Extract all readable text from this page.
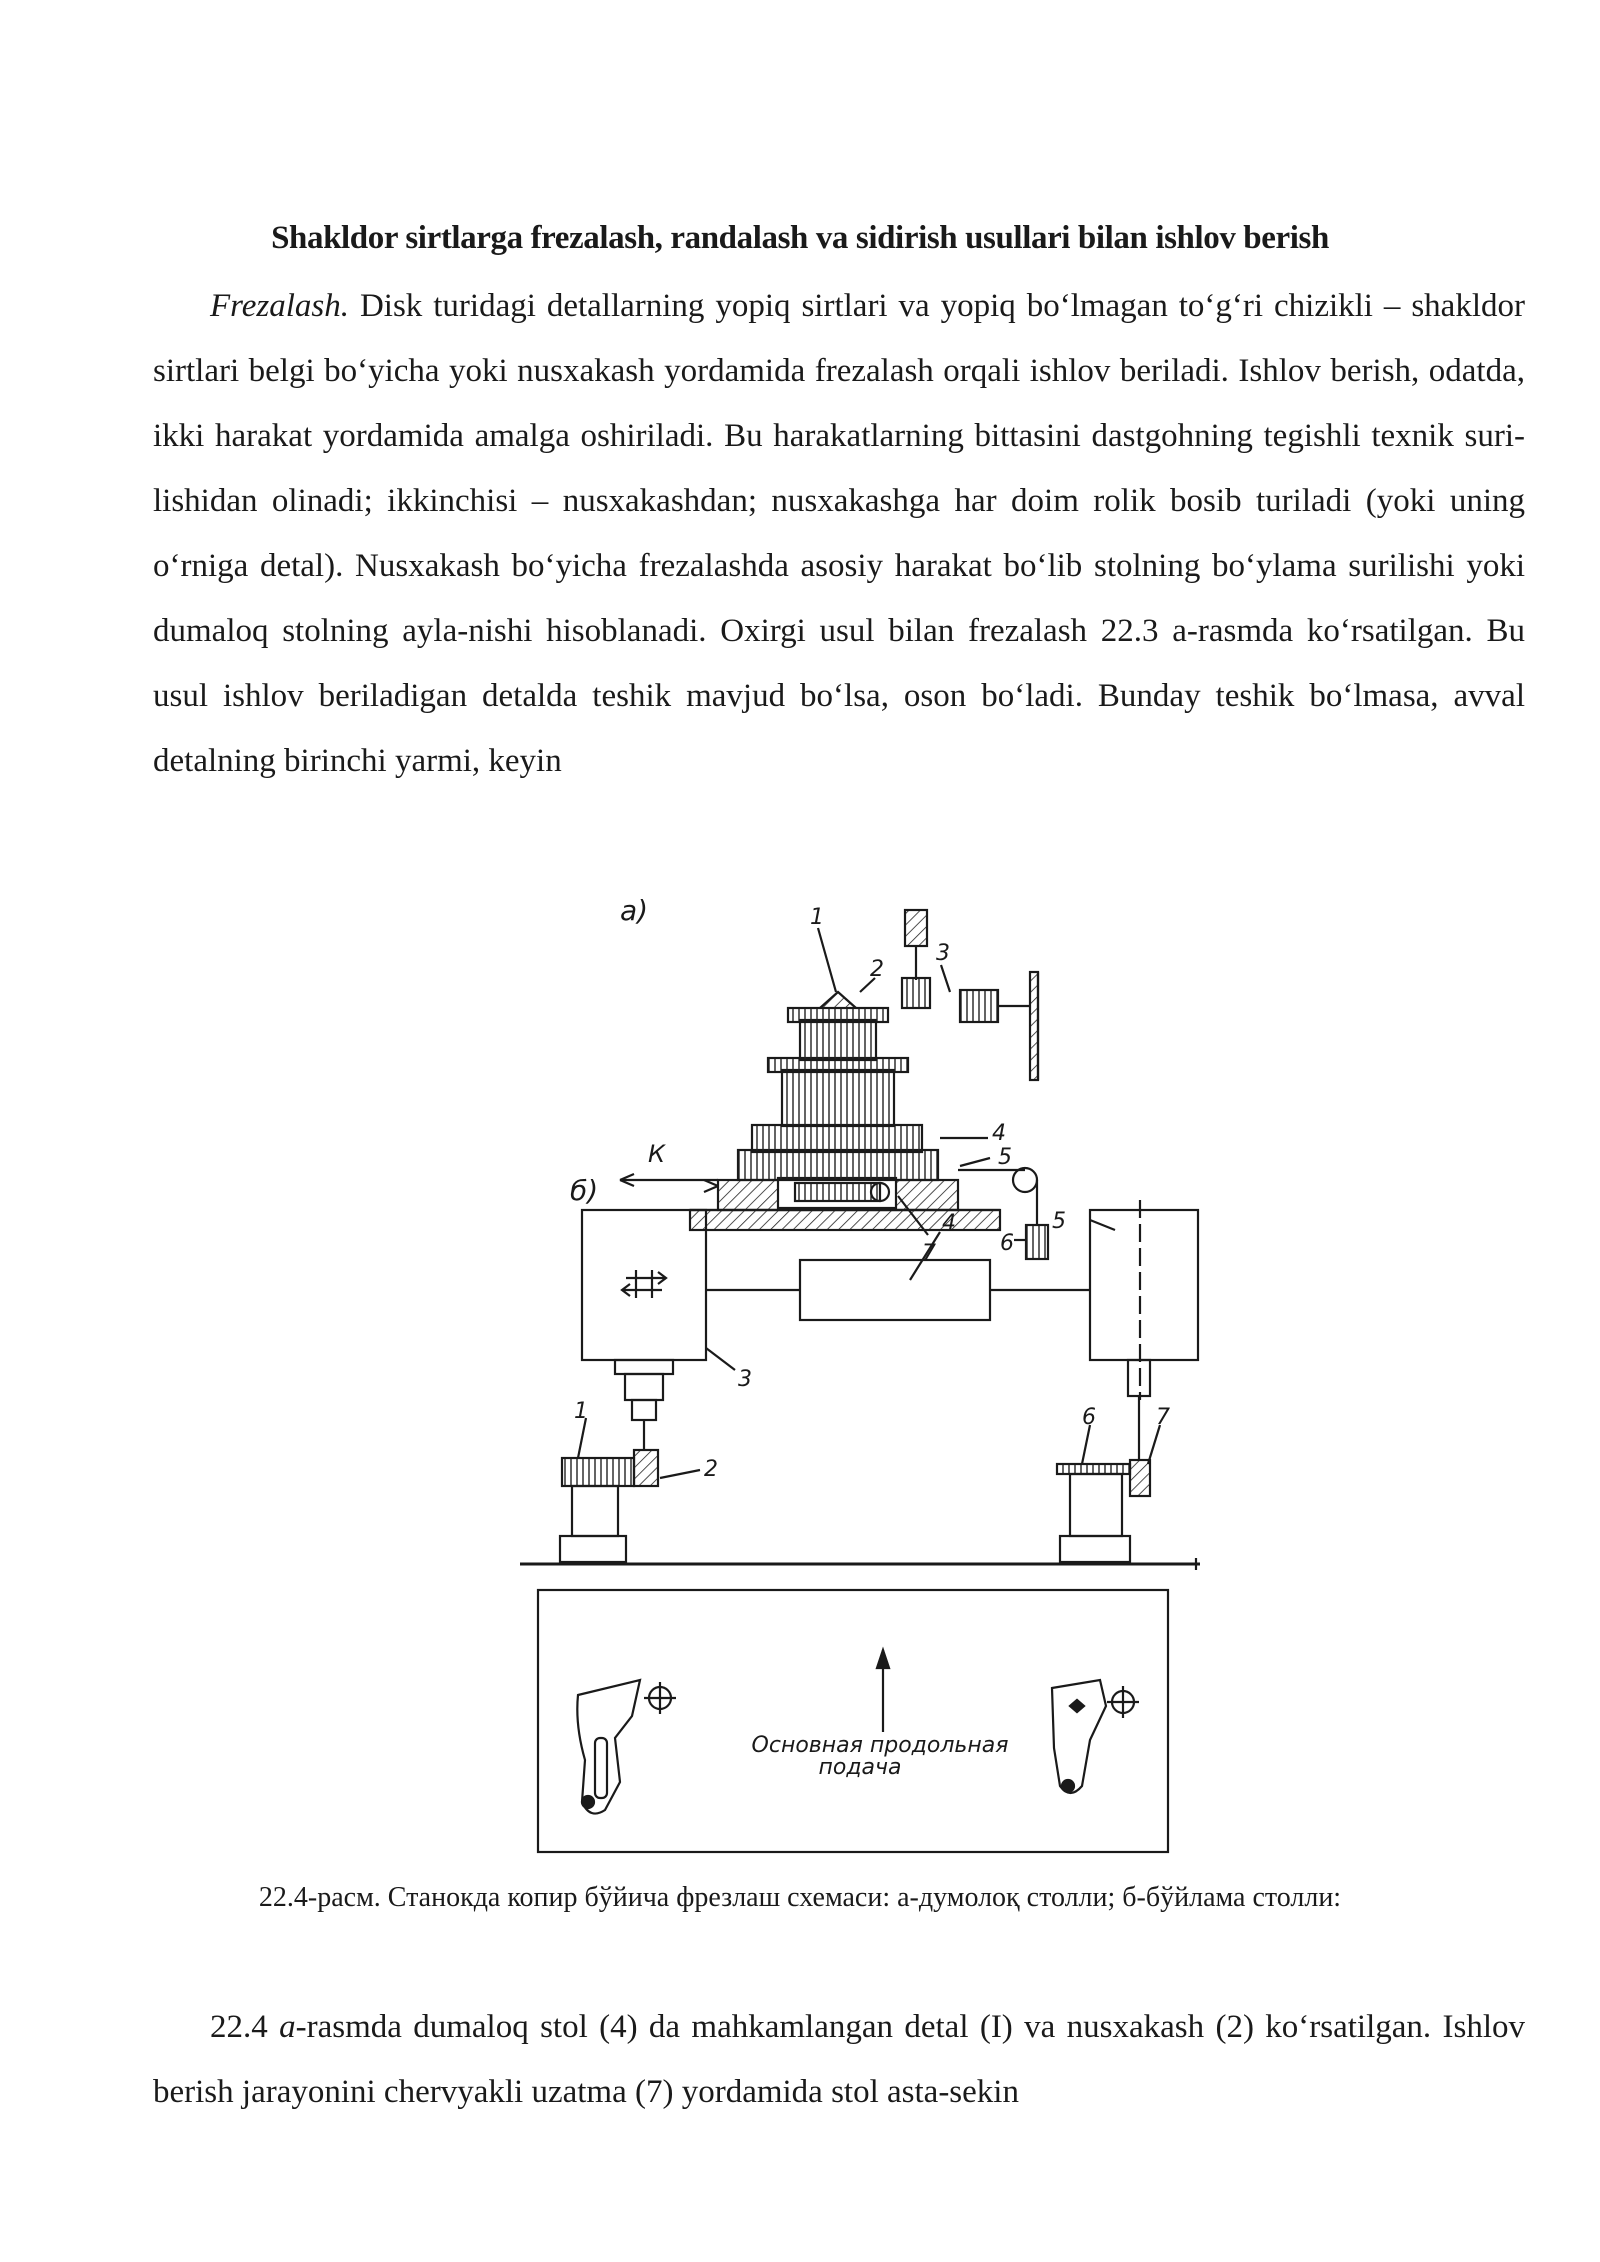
Shakldor sirtlarga frezalash, randalash va sidirish usullari bilan ishlov berish
Frezalash. Disk turidagi detallarning yopiq sirtlari va yopiq bo‘lmagan to‘g‘ri chizikli – shakldor sirtlari belgi bo‘yicha yoki nusxakash yordamida frezalash orqali ishlov beriladi. Ishlov berish, odatda, ikki harakat yordamida amalga oshiriladi. Bu harakatlarning bittasini dastgohning tegishli texnik suri-lishidan olinadi; ikkinchisi – nusxakashdan; nusxakashga har doim rolik bosib turiladi (yoki uning o‘rniga detal). Nusxakash bo‘yicha frezalashda asosiy harakat bo‘lib stolning bo‘ylama surilishi yoki dumaloq stolning ayla-nishi hisoblanadi. Oxirgi usul bilan frezalash 22.3 a-rasmda ko‘rsatilgan. Bu usul ishlov beriladigan detalda teshik mavjud bo‘lsa, oson bo‘ladi. Bunday teshik bo‘lmasa, avval detalning birinchi yarmi, keyin
а)
К
1
2
3
4
5
6
7
б)
1
2
3
4	5
6	7
Основная продольная
подача
22.4-расм. Станокда копир бўйича фрезлаш схемаси: а-думолоқ столли; б-бўйлама столли:
22.4 a-rasmda dumaloq stol (4) da mahkamlangan detal (I) va nusxakash (2) ko‘rsatilgan. Ishlov berish jarayonini chervyakli uzatma (7) yordamida stol asta-sekin
